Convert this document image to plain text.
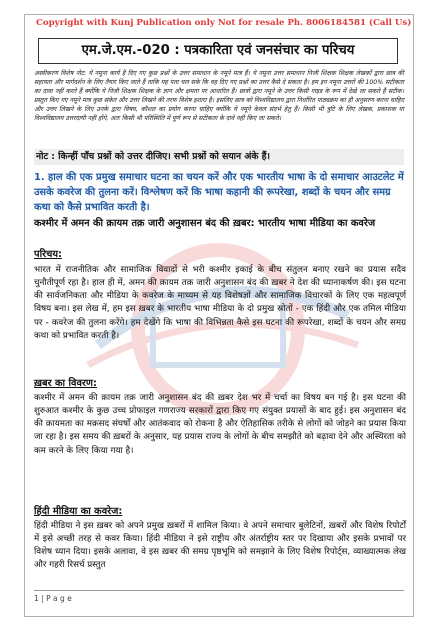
Copyright with Kunj Publication only Not for resale Ph. 8006184581 (Call Us)
एम.जे.एम.-020 : पत्रकारिता एवं जनसंचार का परिचय

अस्वीकरण विशेष नोट: ये नमूना कार्य है दिए गए कुछ प्रश्नों के उत्तर समाधान के नमूने मात्र हैं। ये नमूना उत्तर समाधान निजी शिक्षक शिक्षक लेखकों द्वारा छात्र की सहायता और मार्गदर्शन के लिए तैयार किए जाते हैं ताकि यह पता चल सके कि वह दिए गए प्रश्नों का उत्तर कैसे दे सकता है। हम इन नमूना उत्तरों की 100% सटीकता का दावा नहीं करते हैं क्योंकि ये निजी शिक्षक शिक्षक के ज्ञान और क्षमता पर आधारित हैं। छात्रों द्वारा नमूने के उत्तर किसी गाइड के रूप में देखे जा सकते हैं सटीक। प्रस्तुत किए गए नमूने मात्र कुछ संकेत और उत्तर लिखने की तरफ विशेष इशारा है। इसलिए छात्र को विश्वविद्यालय द्वारा निर्धारित पाठ्यक्रम का ही अनुसरण करना चाहिए और उत्तर लिखने के लिए उनके द्वारा विषय, कौशल का प्रयोग करना चाहिए क्योंकि ये नमूने केवल संदर्भ हेतु हैं। किसी भी त्रुटि के लिए लेखक, प्रकाशक या विश्वविद्यालय उत्तरदायी नहीं होंगे, अतः किसी भी परिस्थिति में पूर्ण रूप से सटीकता के दावे नहीं किए जा सकते।

नोट : किन्हीं पाँच प्रश्नों को उत्तर दीजिए। सभी प्रश्नों को सयान अंके हैं।

1. हाल की एक प्रमुख समाचार घटना का चयन करें और एक भारतीय भाषा के दो समाचार आउटलेट में उसके कवरेज की तुलना करें। विश्लेषण करें कि भाषा कहानी की रूपरेखा, शब्दों के चयन और समग्र कथा को कैसे प्रभावित करती है।

कश्मीर में अमन की क़ायम तक़ जारी अनुशासन बंद की ख़बर: भारतीय भाषा मीडिया का कवरेज

परिचय:

भारत में राजनीतिक और सामाजिक विवादों से भरी कश्मीर इकाई के बीच संतुलन बनाए रखने का प्रयास सदैव चुनौतीपूर्ण रहा है। हाल ही में, अमन की क़ायम तक़ जारी अनुशासन बंद की ख़बर ने देश की ध्यानाकर्षण की। इस घटना की सार्वजनिकता और मीडिया के कवरेज के माध्यम से यह विशेषज्ञों और सामाजिक विचारकों के लिए एक महत्वपूर्ण विषय बना। इस लेख में, हम इस ख़बर के भारतीय भाषा मीडिया के दो प्रमुख स्रोतों - एक हिंदी और एक तमिल मीडिया पर - कवरेज की तुलना करेंगे। हम देखेंगे कि भाषा की विभिन्नता कैसे इस घटना की रूपरेखा, शब्दों के चयन और समग्र कथा को प्रभावित करती है।

ख़बर का विवरण:

कश्मीर में अमन की क़ायम तक़ जारी अनुशासन बंद की ख़बर देश भर में चर्चा का विषय बन गई है। इस घटना की शुरुआत कश्मीर के कुछ उच्च प्रोफाइल गणराज्य सरकारों द्वारा किए गए संयुक्त प्रयासों के बाद हुई। इस अनुशासन बंद की क़ायमता का मक़सद संघर्षों और आतंकवाद को रोकना है और ऐतिहासिक तरीके से लोगों को जोड़ने का प्रयास किया जा रहा है। इस समय की ख़बरों के अनुसार, यह प्रयास राज्य के लोगों के बीच समझौते को बढ़ावा देने और अस्थिरता को कम करने के लिए किया गया है।

हिंदी मीडिया का कवरेज:

हिंदी मीडिया ने इस ख़बर को अपने प्रमुख ख़बरों में शामिल किया। वे अपने समाचार बुलेटिनों, ख़बरों और विशेष रिपोर्टों में इसे अच्छी तरह से कवर किया। हिंदी मीडिया ने इसे राष्ट्रीय और अंतर्राष्ट्रीय स्तर पर दिखाया और इसके प्रभावों पर विशेष ध्यान दिया। इसके अलावा, वे इस ख़बर की समग्र पृष्ठभूमि को समझाने के लिए विशेष रिपोर्ट्स, व्याख्यात्मक लेख और गहरी रिसर्च प्रस्तुत

1 | P a g e
